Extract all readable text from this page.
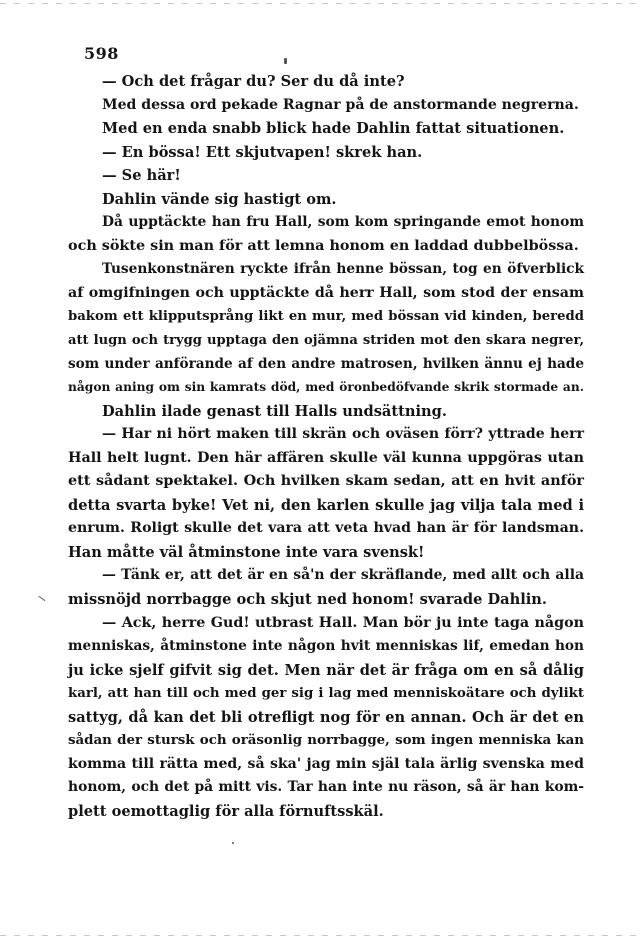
598
— Och det frågar du? Ser du då inte?
Med dessa ord pekade Ragnar på de anstormande negrerna.
Med en enda snabb blick hade Dahlin fattat situationen.
— En bössa! Ett skjutvapen! skrek han.
— Se här!
Dahlin vände sig hastigt om.
Då upptäckte han fru Hall, som kom springande emot honom
och sökte sin man för att lemna honom en laddad dubbelbössa.
Tusenkonstnären ryckte ifrån henne bössan, tog en öfverblick
af omgifningen och upptäckte då herr Hall, som stod der ensam
bakom ett klipputsprång likt en mur, med bössan vid kinden, beredd
att lugn och trygg upptaga den ojämna striden mot den skara negrer,
som under anförande af den andre matrosen, hvilken ännu ej hade
någon aning om sin kamrats död, med öronbedöfvande skrik stormade an.
Dahlin ilade genast till Halls undsättning.
— Har ni hört maken till skrän och oväsen förr? yttrade herr
Hall helt lugnt. Den här affären skulle väl kunna uppgöras utan
ett sådant spektakel. Och hvilken skam sedan, att en hvit anför
detta svarta byke! Vet ni, den karlen skulle jag vilja tala med i
enrum. Roligt skulle det vara att veta hvad han är för landsman.
Han måtte väl åtminstone inte vara svensk!
— Tänk er, att det är en så'n der skräflande, med allt och alla
missnöjd norrbagge och skjut ned honom! svarade Dahlin.
— Ack, herre Gud! utbrast Hall. Man bör ju inte taga någon
menniskas, åtminstone inte någon hvit menniskas lif, emedan hon
ju icke sjelf gifvit sig det. Men när det är fråga om en så dålig
karl, att han till och med ger sig i lag med menniskoätare och dylikt
sattyg, då kan det bli otrefligt nog för en annan. Och är det en
sådan der stursk och oräsonlig norrbagge, som ingen menniska kan
komma till rätta med, så ska' jag min själ tala ärlig svenska med
honom, och det på mitt vis. Tar han inte nu räson, så är han kom-
plett oemottaglig för alla förnuftsskäl.
